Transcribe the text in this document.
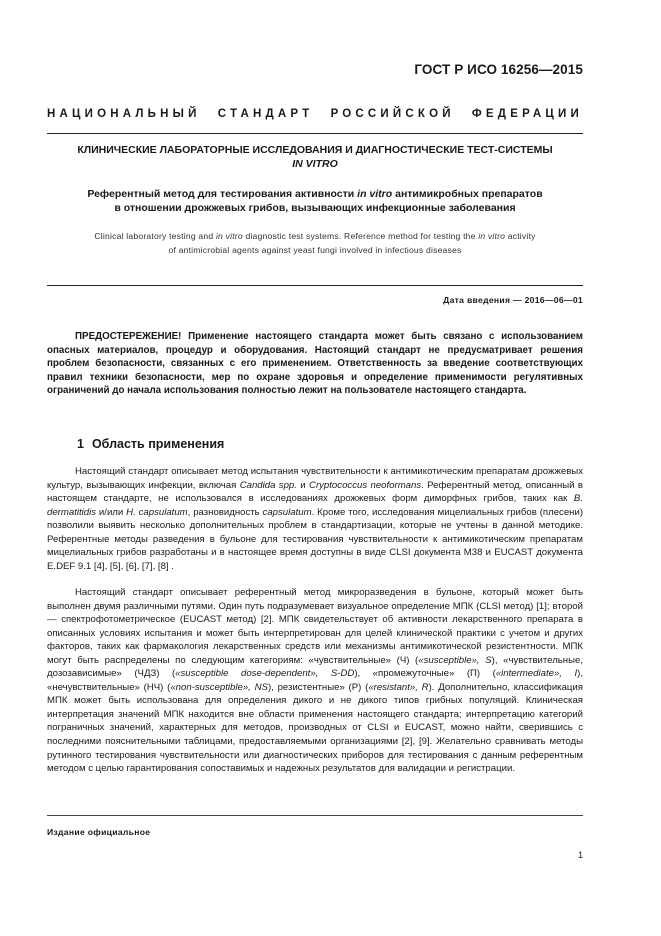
ГОСТ Р ИСО 16256—2015
НАЦИОНАЛЬНЫЙ СТАНДАРТ РОССИЙСКОЙ ФЕДЕРАЦИИ
КЛИНИЧЕСКИЕ ЛАБОРАТОРНЫЕ ИССЛЕДОВАНИЯ И ДИАГНОСТИЧЕСКИЕ ТЕСТ-СИСТЕМЫ
IN VITRO
Референтный метод для тестирования активности in vitro антимикробных препаратов
в отношении дрожжевых грибов, вызывающих инфекционные заболевания
Clinical laboratory testing and in vitro diagnostic test systems. Reference method for testing the in vitro activity
of antimicrobial agents against yeast fungi involved in infectious diseases
Дата введения — 2016—06—01
ПРЕДОСТЕРЕЖЕНИЕ! Применение настоящего стандарта может быть связано с использованием опасных материалов, процедур и оборудования. Настоящий стандарт не предусматривает решения проблем безопасности, связанных с его применением. Ответственность за введение соответствующих правил техники безопасности, мер по охране здоровья и определение применимости регулятивных ограничений до начала использования полностью лежит на пользователе настоящего стандарта.
1 Область применения
Настоящий стандарт описывает метод испытания чувствительности к антимикотическим препаратам дрожжевых культур, вызывающих инфекции, включая Candida spp. и Cryptococcus neoformans. Референтный метод, описанный в настоящем стандарте, не использовался в исследованиях дрожжевых форм диморфных грибов, таких как B. dermatitidis и/или H. capsulatum, разновидность capsulatum. Кроме того, исследования мицелиальных грибов (плесени) позволили выявить несколько дополнительных проблем в стандартизации, которые не учтены в данной методике. Референтные методы разведения в бульоне для тестирования чувствительности к антимикотическим препаратам мицелиальных грибов разработаны и в настоящее время доступны в виде CLSI документа M38 и EUCAST документа E.DEF 9.1 [4], [5], [6], [7], [8] .
Настоящий стандарт описывает референтный метод микроразведения в бульоне, который может быть выполнен двумя различными путями. Один путь подразумевает визуальное определение МПК (CLSI метод) [1]; второй — спектрофотометрическое (EUCAST метод) [2]. МПК свидетельствует об активности лекарственного препарата в описанных условиях испытания и может быть интерпретирован для целей клинической практики с учетом и других факторов, таких как фармакология лекарственных средств или механизмы антимикотической резистентности. МПК могут быть распределены по следующим категориям: «чувствительные» (Ч) («susceptible», S), «чувствительные, дозозависимые» (ЧДЗ) («susceptible dose-dependent», S-DD), «промежуточные» (П) («intermediate», I), «нечувствительные» (НЧ) («non-susceptible», NS), резистентные» (Р) («resistant», R). Дополнительно, классификация МПК может быть использована для определения дикого и не дикого типов грибных популяций. Клиническая интерпретация значений МПК находится вне области применения настоящего стандарта; интерпретацию категорий пограничных значений, характерных для методов, производных от CLSI и EUCAST, можно найти, сверившись с последними пояснительными таблицами, предоставляемыми организациями [2], [9]. Желательно сравнивать методы рутинного тестирования чувствительности или диагностических приборов для тестирования с данным референтным методом с целью гарантирования сопоставимых и надежных результатов для валидации и регистрации.
Издание официальное
1
